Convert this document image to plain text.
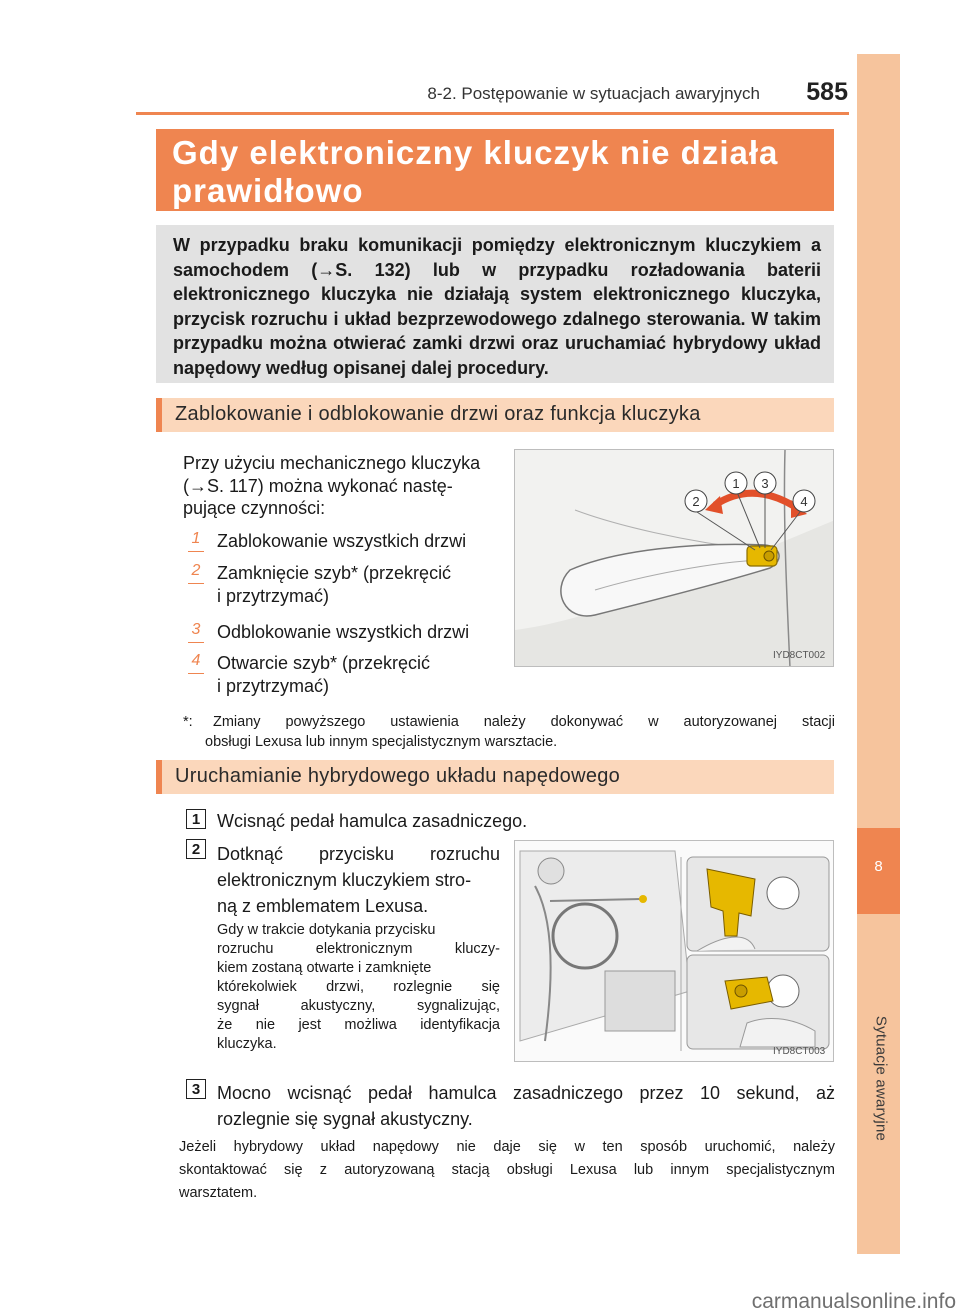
8
Sytuacje awaryjne
8-2. Postępowanie w sytuacjach awaryjnych	585
Gdy elektroniczny kluczyk nie działa
prawidłowo
W przypadku braku komunikacji pomiędzy elektronicznym kluczykiem a samochodem (→S. 132) lub w przypadku rozładowania baterii elektronicznego kluczyka nie działają system elektronicznego kluczyka, przycisk rozruchu i układ bezprzewodowego zdalnego sterowania. W takim przypadku można otwierać zamki drzwi oraz uruchamiać hybrydowy układ napędowy według opisanej dalej procedury.
Zablokowanie i odblokowanie drzwi oraz funkcja kluczyka
Przy użyciu mechanicznego kluczyka
(→S. 117) można wykonać nastę-
pujące czynności:
1 Zablokowanie wszystkich drzwi
2 Zamknięcie szyb* (przekręcić
i przytrzymać)
3 Odblokowanie wszystkich drzwi
4 Otwarcie szyb* (przekręcić
i przytrzymać)
1
2
3
4
IYD8CT002
*:	Zmiany powyższego ustawienia należy dokonywać w autoryzowanej stacji
obsługi Lexusa lub innym specjalistycznym warsztacie.
Uruchamianie hybrydowego układu napędowego
1 Wcisnąć pedał hamulca zasadniczego.
2 Dotknąć przycisku rozruchu
elektronicznym kluczykiem stro-
ną z emblematem Lexusa.
Gdy w trakcie dotykania przycisku
rozruchu elektronicznym kluczy-
kiem zostaną otwarte i zamknięte
którekolwiek drzwi, rozlegnie się
sygnał akustyczny, sygnalizując,
że nie jest możliwa identyfikacja
kluczyka.	IYD8CT003
3 Mocno wcisnąć pedał hamulca zasadniczego przez 10 sekund, aż
rozlegnie się sygnał akustyczny.
Jeżeli hybrydowy układ napędowy nie daje się w ten sposób uruchomić, należy
skontaktować się z autoryzowaną stacją obsługi Lexusa lub innym specjalistycznym
warsztatem.
carmanualsonline.info
